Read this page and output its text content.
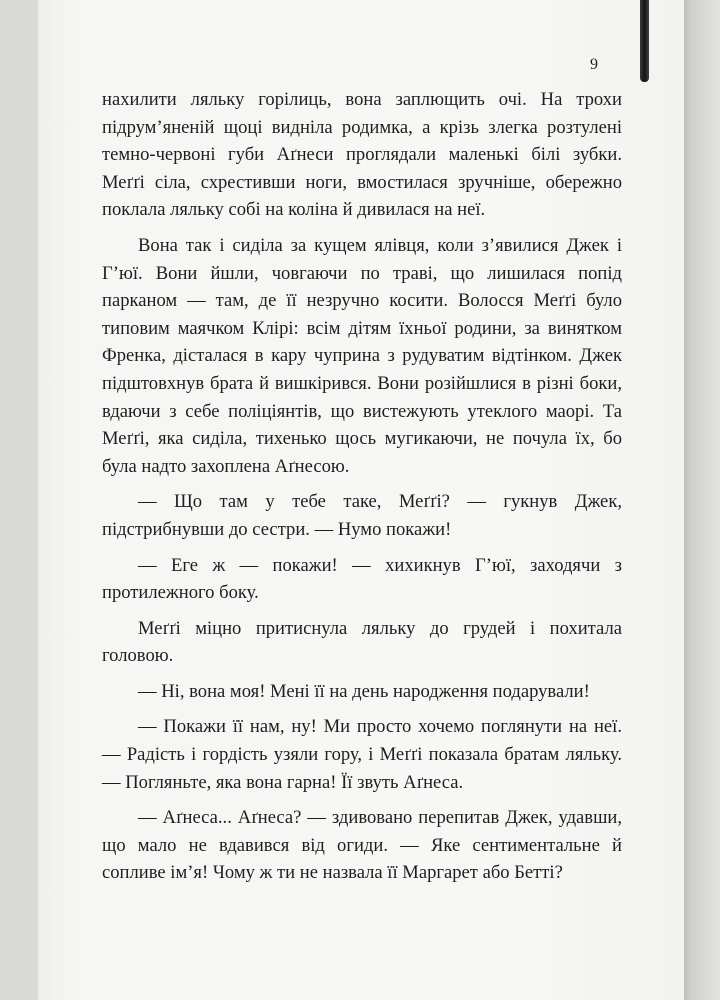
9

нахилити ляльку горілиць, вона заплющить очі. На трохи підрум’яненій щоці виднілa родимка, а крізь злегка розтулені темно-червоні губи Аґнеси проглядали маленькі білі зубки. Меґґі сіла, схрестивши ноги, вмостилася зручніше, обережно поклала ляльку собі на коліна й дивилася на неї.

Вона так і сиділа за кущем ялівця, коли з’явилися Джек і Г’юї. Вони йшли, човгаючи по траві, що лишилася попід парканом — там, де її незручно косити. Волосся Меґґі було типовим маячком Клірі: всім дітям їхньої родини, за винятком Френка, дісталася в кару чуприна з рудуватим відтінком. Джек підштовхнув брата й вишкірився. Вони розійшлися в різні боки, вдаючи з себе поліціянтів, що вистежують утеклого маорі. Та Меґґі, яка сиділа, тихенько щось мугикаючи, не почула їх, бо була надто захоплена Аґнесою.

— Що там у тебе таке, Меґґі? — гукнув Джек, підстрибнувши до сестри. — Нумо покажи!

— Еге ж — покажи! — хихикнув Г’юї, заходячи з протилежного боку.

Меґґі міцно притиснула ляльку до грудей і похитала головою.

— Ні, вона моя! Мені її на день народження подарували!

— Покажи її нам, ну! Ми просто хочемо поглянути на неї. — Радість і гордість узяли гору, і Меґґі показала братам ляльку. — Погляньте, яка вона гарна! Її звуть Аґнеса.

— Аґнеса... Аґнеса? — здивовано перепитав Джек, удавши, що мало не вдавився від огиди. — Яке сентиментальне й сопливе ім’я! Чому ж ти не назвала її Маргарет або Бетті?
